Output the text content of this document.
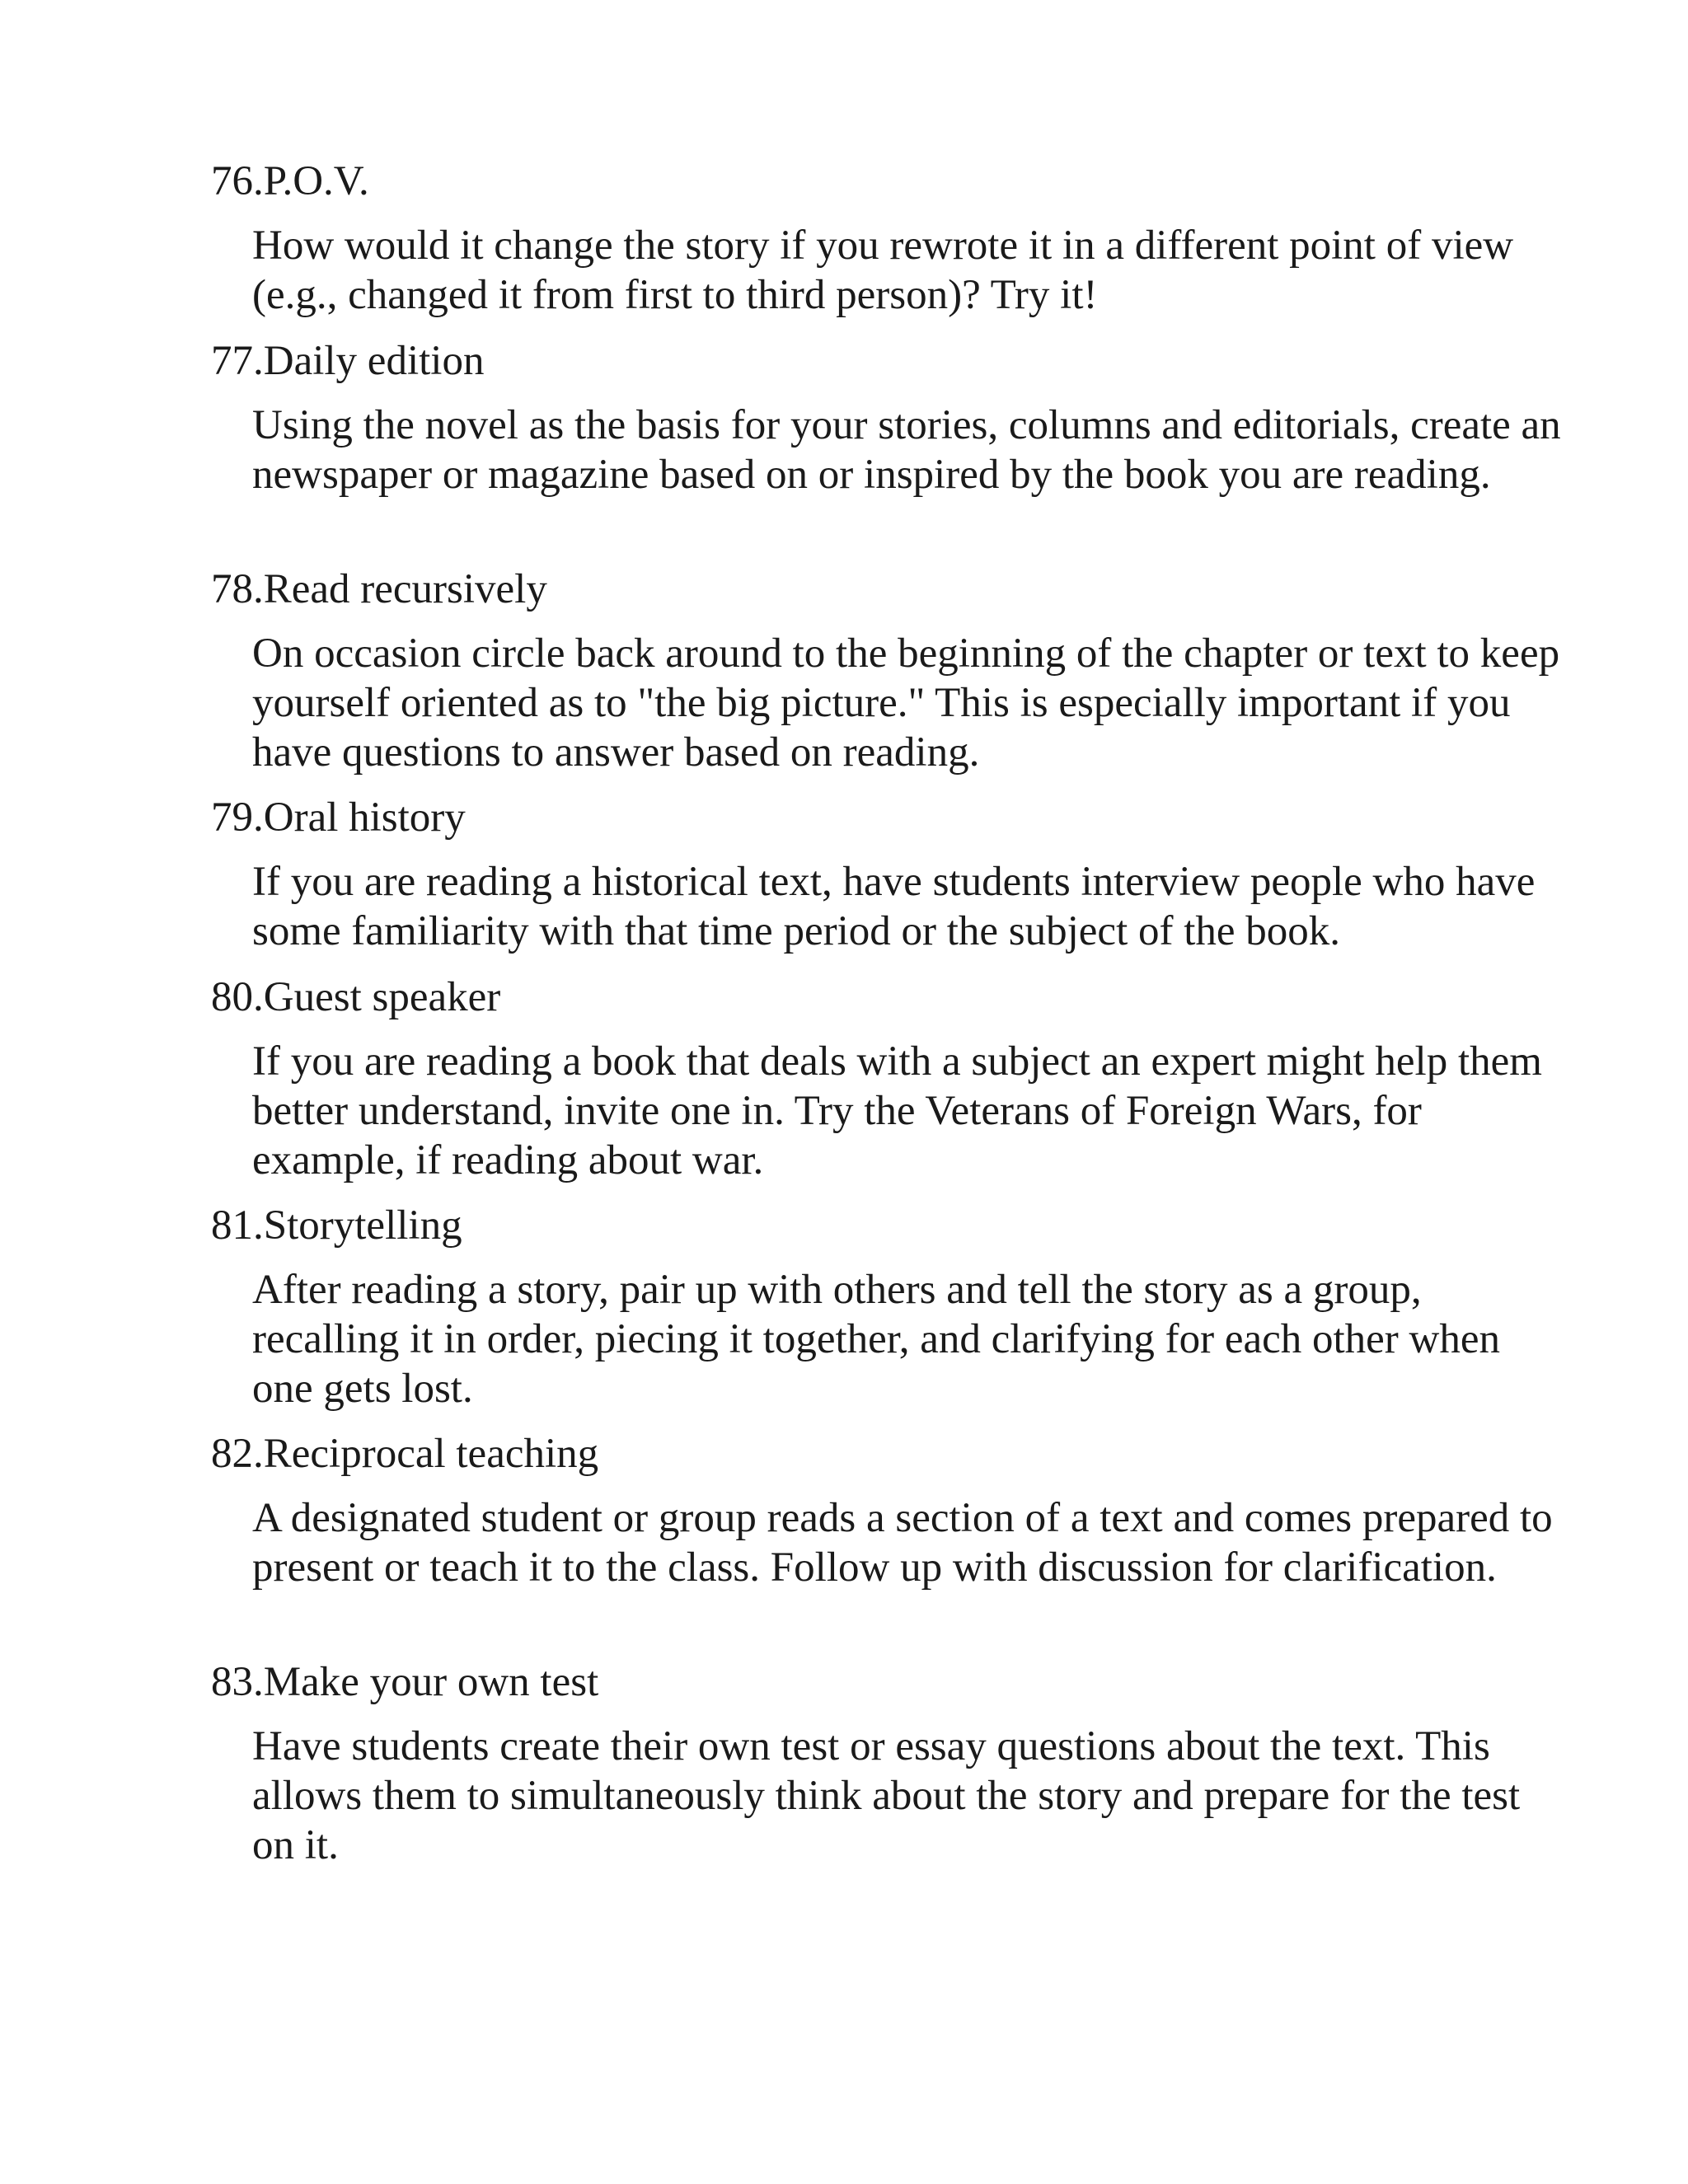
76.P.O.V.
How would it change the story if you rewrote it in a different point of view (e.g., changed it from first to third person)? Try it!
77.Daily edition
Using the novel as the basis for your stories, columns and editorials, create an newspaper or magazine based on or inspired by the book you are reading.
78.Read recursively
On occasion circle back around to the beginning of the chapter or text to keep yourself oriented as to "the big picture." This is especially important if you have questions to answer based on reading.
79.Oral history
If you are reading a historical text, have students interview people who have some familiarity with that time period or the subject of the book.
80.Guest speaker
If you are reading a book that deals with a subject an expert might help them better understand, invite one in. Try the Veterans of Foreign Wars, for example, if reading about war.
81.Storytelling
After reading a story, pair up with others and tell the story as a group, recalling it in order, piecing it together, and clarifying for each other when one gets lost.
82.Reciprocal teaching
A designated student or group reads a section of a text and comes prepared to present or teach it to the class. Follow up with discussion for clarification.
83.Make your own test
Have students create their own test or essay questions about the text. This allows them to simultaneously think about the story and prepare for the test on it.
